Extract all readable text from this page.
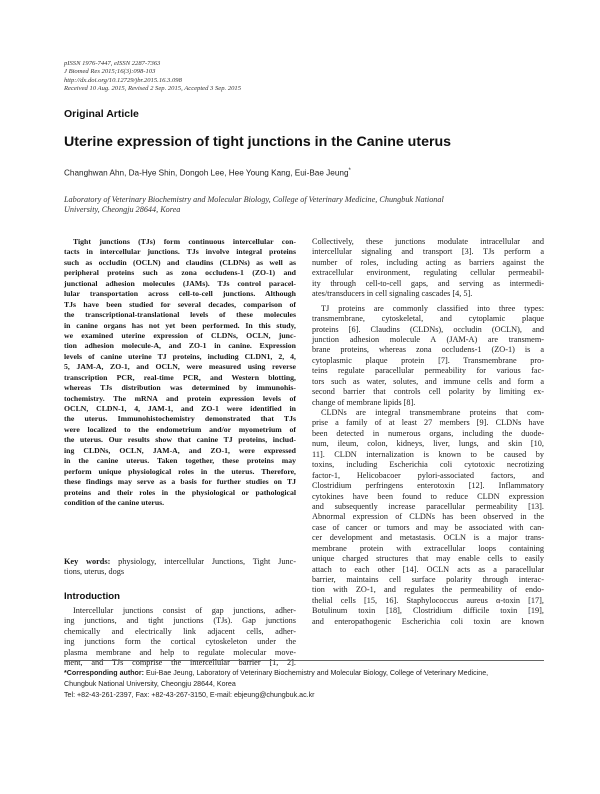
pISSN 1976-7447, eISSN 2287-7363
J Biomed Res 2015;16(3):098-103
http://dx.doi.org/10.12729/jbr.2015.16.3.098
Received 10 Aug. 2015, Revised 2 Sep. 2015, Accepted 3 Sep. 2015
Original Article
Uterine expression of tight junctions in the Canine uterus
Changhwan Ahn, Da-Hye Shin, Dongoh Lee, Hee Young Kang, Eui-Bae Jeung*
Laboratory of Veterinary Biochemistry and Molecular Biology, College of Veterinary Medicine, Chungbuk National
University, Cheongju 28644, Korea
Tight junctions (TJs) form continuous intercellular con-
tacts in intercellular junctions. TJs involve integral proteins
such as occludin (OCLN) and claudins (CLDNs) as well as
peripheral proteins such as zona occludens-1 (ZO-1) and
junctional adhesion molecules (JAMs). TJs control paracel-
lular transportation across cell-to-cell junctions. Although
TJs have been studied for several decades, comparison of
the transcriptional-translational levels of these molecules
in canine organs has not yet been performed. In this study,
we examined uterine expression of CLDNs, OCLN, junc-
tion adhesion molecule-A, and ZO-1 in canine. Expression
levels of canine uterine TJ proteins, including CLDN1, 2, 4,
5, JAM-A, ZO-1, and OCLN, were measured using reverse
transcription PCR, real-time PCR, and Western blotting,
whereas TJs distribution was determined by immunohis-
tochemistry. The mRNA and protein expression levels of
OCLN, CLDN-1, 4, JAM-1, and ZO-1 were identified in
the uterus. Immunohistochemistry demonstrated that TJs
were localized to the endometrium and/or myometrium of
the uterus. Our results show that canine TJ proteins, includ-
ing CLDNs, OCLN, JAM-A, and ZO-1, were expressed
in the canine uterus. Taken together, these proteins may
perform unique physiological roles in the uterus. Therefore,
these findings may serve as a basis for further studies on TJ
proteins and their roles in the physiological or pathological
condition of the canine uterus.
Key words: physiology, intercellular Junctions, Tight Junc-
tions, uterus, dogs
Introduction
Intercellular junctions consist of gap junctions, adher-
ing junctions, and tight junctions (TJs). Gap junctions
chemically and electrically link adjacent cells, adher-
ing junctions form the cortical cytoskeleton under the
plasma membrane and help to regulate molecular move-
ment, and TJs comprise the intercellular barrier [1, 2].
Collectively, these junctions modulate intracellular and
intercellular signaling and transport [3]. TJs perform a
number of roles, including acting as barriers against the
extracellular environment, regulating cellular permeabil-
ity through cell-to-cell gaps, and serving as intermedi-
ates/transducers in cell signaling cascades [4, 5].
TJ proteins are commonly classified into three types:
transmembrane, cytoskeletal, and cytoplamic plaque
proteins [6]. Claudins (CLDNs), occludin (OCLN), and
junction adhesion molecule A (JAM-A) are transmem-
brane proteins, whereas zona occludens-1 (ZO-1) is a
cytoplasmic plaque protein [7]. Transmembrane pro-
teins regulate paracellular permeability for various fac-
tors such as water, solutes, and immune cells and form a
second barrier that controls cell polarity by limiting ex-
change of membrane lipids [8].
CLDNs are integral transmembrane proteins that com-
prise a family of at least 27 members [9]. CLDNs have
been detected in numerous organs, including the duode-
num, ileum, colon, kidneys, liver, lungs, and skin [10,
11]. CLDN internalization is known to be caused by
toxins, including Escherichia coli cytotoxic necrotizing
factor-1, Helicobacoer pylori-associated factors, and
Clostridium perfringens enterotoxin [12]. Inflammatory
cytokines have been found to reduce CLDN expression
and subsequently increase paracellular permeability [13].
Abnormal expression of CLDNs has been observed in the
case of cancer or tumors and may be associated with can-
cer development and metastasis. OCLN is a major trans-
membrane protein with extracellular loops containing
unique charged structures that may enable cells to easily
attach to each other [14]. OCLN acts as a paracellular
barrier, maintains cell surface polarity through interac-
tion with ZO-1, and regulates the permeability of endo-
thelial cells [15, 16]. Staphylococcus aureus α-toxin [17],
Botulinum toxin [18], Clostridium difficile toxin [19],
and enteropathogenic Escherichia coli toxin are known
*Corresponding author: Eui-Bae Jeung, Laboratory of Veterinary Biochemistry and Molecular Biology, College of Veterinary Medicine,
Chungbuk National University, Cheongju 28644, Korea
Tel: +82-43-261-2397, Fax: +82-43-267-3150, E-mail: ebjeung@chungbuk.ac.kr
